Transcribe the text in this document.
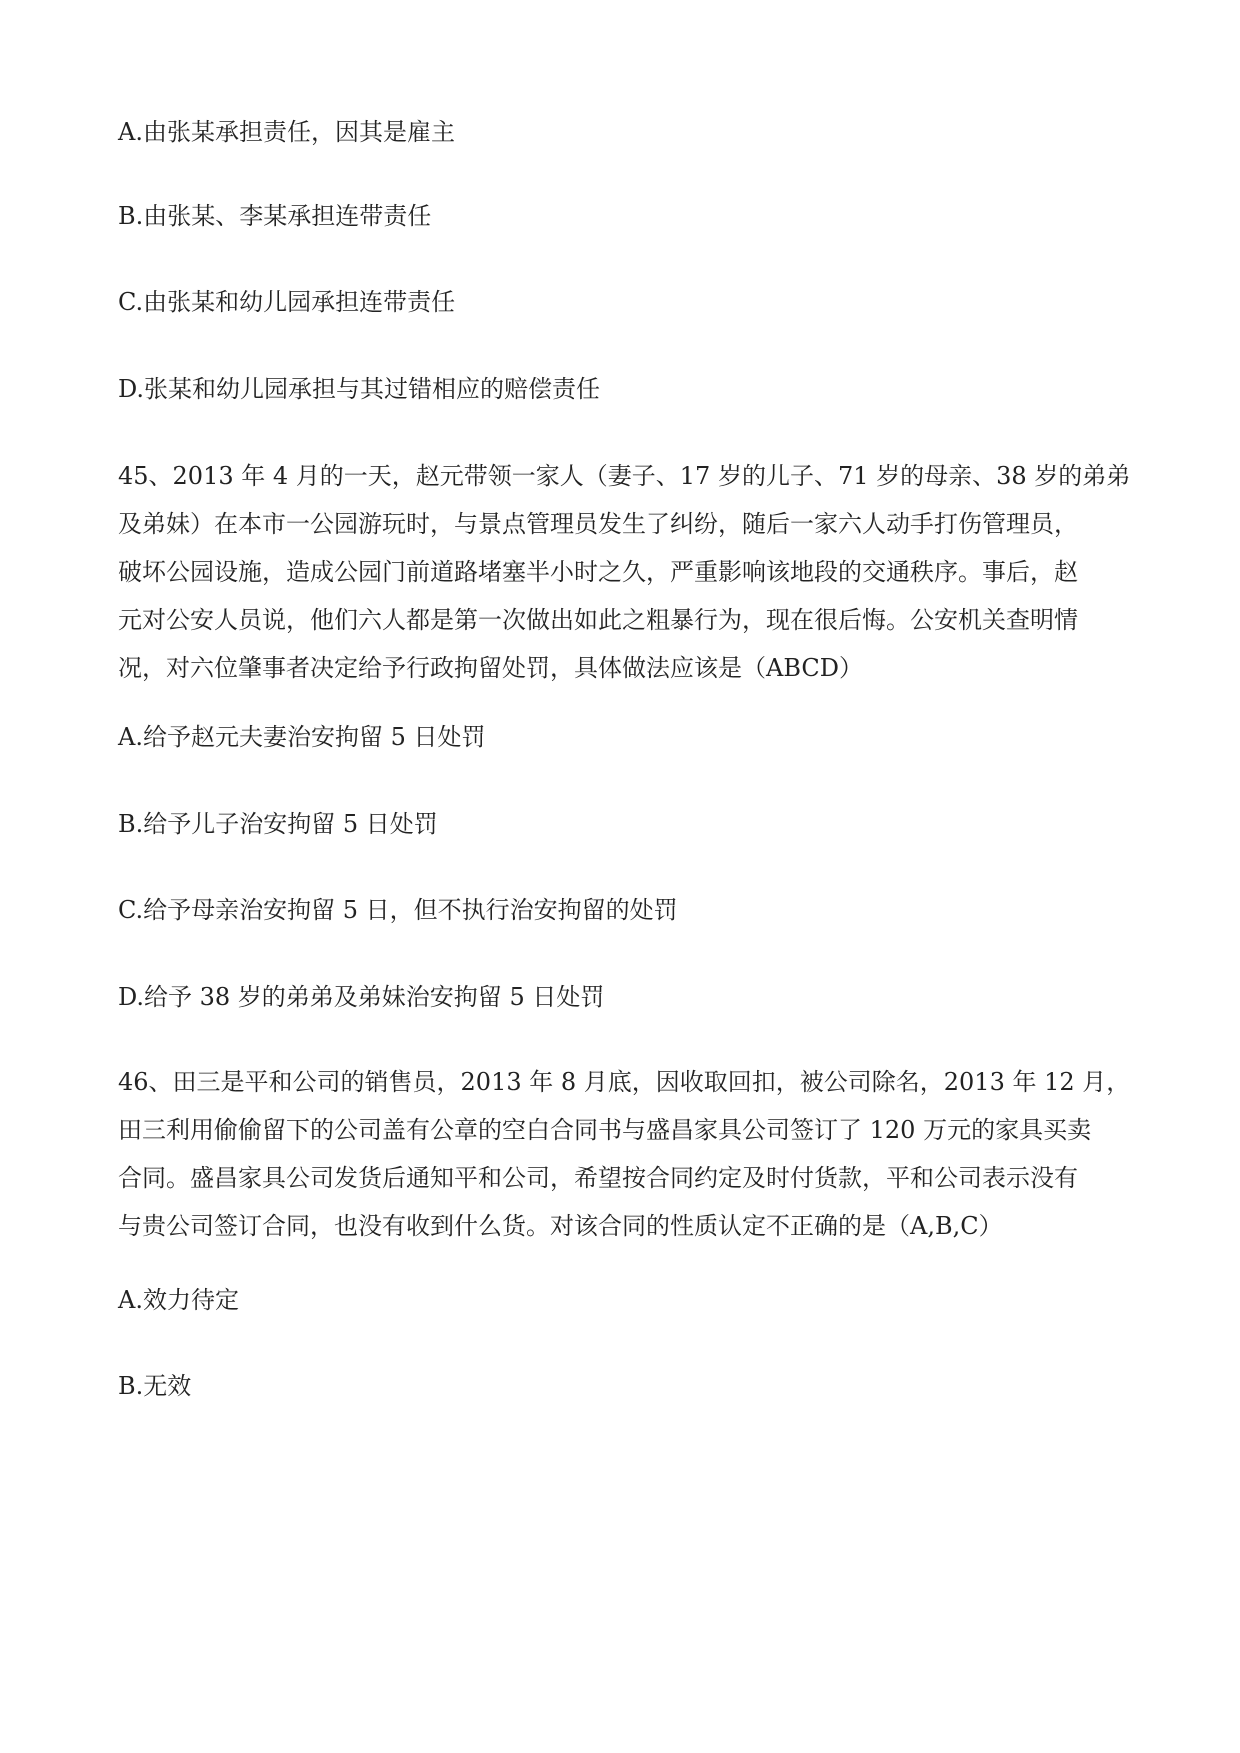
A.由张某承担责任，因其是雇主
B.由张某、李某承担连带责任
C.由张某和幼儿园承担连带责任
D.张某和幼儿园承担与其过错相应的赔偿责任

45、2013 年 4 月的一天，赵元带领一家人（妻子、17 岁的儿子、71 岁的母亲、38 岁的弟弟

及弟妹）在本市一公园游玩时，与景点管理员发生了纠纷，随后一家六人动手打伤管理员，

破坏公园设施，造成公园门前道路堵塞半小时之久，严重影响该地段的交通秩序。事后，赵

元对公安人员说，他们六人都是第一次做出如此之粗暴行为，现在很后悔。公安机关查明情

况，对六位肇事者决定给予行政拘留处罚，具体做法应该是（ABCD）

A.给予赵元夫妻治安拘留 5 日处罚
B.给予儿子治安拘留 5 日处罚
C.给予母亲治安拘留 5 日，但不执行治安拘留的处罚
D.给予 38 岁的弟弟及弟妹治安拘留 5 日处罚

46、田三是平和公司的销售员，2013 年 8 月底，因收取回扣，被公司除名，2013 年 12 月，

田三利用偷偷留下的公司盖有公章的空白合同书与盛昌家具公司签订了 120 万元的家具买卖

合同。盛昌家具公司发货后通知平和公司，希望按合同约定及时付货款，平和公司表示没有

与贵公司签订合同，也没有收到什么货。对该合同的性质认定不正确的是（A,B,C）

A.效力待定
B.无效
